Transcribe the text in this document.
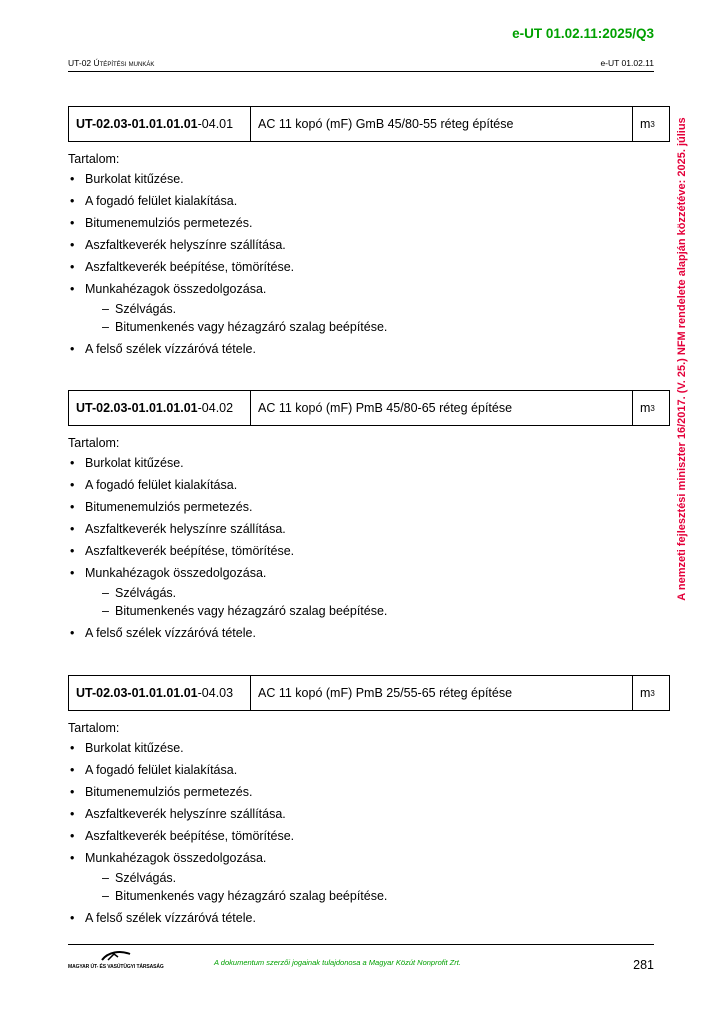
e-UT 01.02.11:2025/Q3
UT-02 Útépítési munkák	e-UT 01.02.11
A nemzeti fejlesztési miniszter 16/2017. (V. 25.) NFM rendelete alapján közzétéve: 2025. július
UT-02.03-01.01.01.01 -04.01	AC 11 kopó (mF) GmB 45/80-55 réteg építése	m 3
Tartalom:
• Burkolat kitűzése.
• A fogadó felület kialakítása.
• Bitumenemulziós permetezés.
• Aszfaltkeverék helyszínre szállítása.
• Aszfaltkeverék beépítése, tömörítése.
• Munkahézagok összedolgozása.
– Szélvágás.
– Bitumenkenés vagy hézagzáró szalag beépítése.
• A felső szélek vízzáróvá tétele.
UT-02.03-01.01.01.01 -04.02	AC 11 kopó (mF) PmB 45/80-65 réteg építése	m 3
Tartalom:
• Burkolat kitűzése.
• A fogadó felület kialakítása.
• Bitumenemulziós permetezés.
• Aszfaltkeverék helyszínre szállítása.
• Aszfaltkeverék beépítése, tömörítése.
• Munkahézagok összedolgozása.
– Szélvágás.
– Bitumenkenés vagy hézagzáró szalag beépítése.
• A felső szélek vízzáróvá tétele.
UT-02.03-01.01.01.01 -04.03	AC 11 kopó (mF) PmB 25/55-65 réteg építése	m 3
Tartalom:
• Burkolat kitűzése.
• A fogadó felület kialakítása.
• Bitumenemulziós permetezés.
• Aszfaltkeverék helyszínre szállítása.
• Aszfaltkeverék beépítése, tömörítése.
• Munkahézagok összedolgozása.
– Szélvágás.
– Bitumenkenés vagy hézagzáró szalag beépítése.
• A felső szélek vízzáróvá tétele.
MAGYAR ÚT- ÉS VASÚTÜGYI TÁRSASÁG	A dokumentum szerzői jogainak tulajdonosa a Magyar Közút Nonprofit Zrt.	281
